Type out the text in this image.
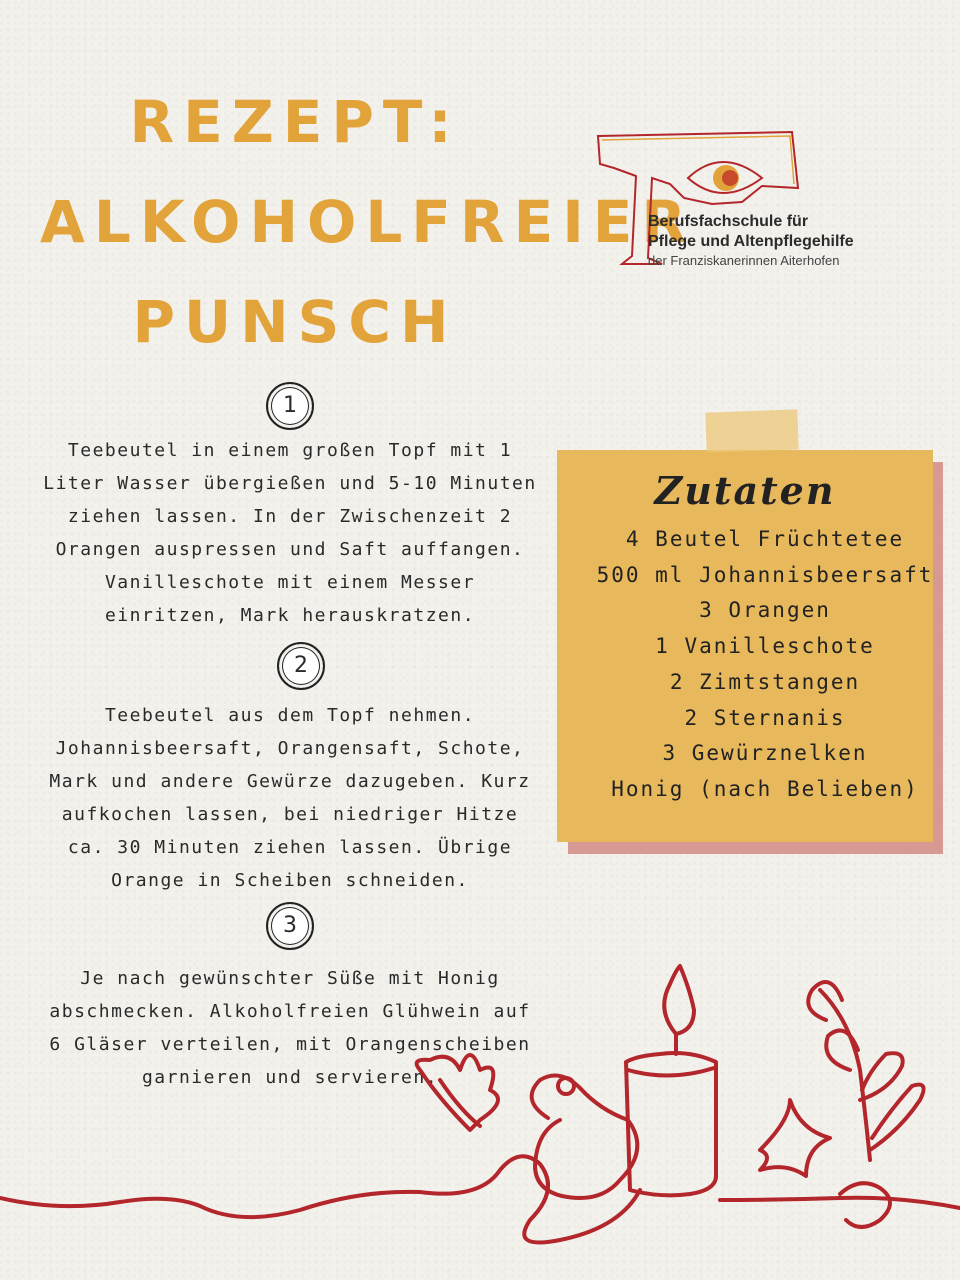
REZEPT:
ALKOHOLFREIER
PUNSCH
Berufsfachschule für
Pflege und Altenpflegehilfe
der Franziskanerinnen Aiterhofen
1

Teebeutel in einem großen Topf mit 1 Liter Wasser übergießen und 5-10 Minuten ziehen lassen. In der Zwischenzeit 2 Orangen auspressen und Saft auffangen. Vanilleschote mit einem Messer einritzen, Mark herauskratzen.

2

Teebeutel aus dem Topf nehmen. Johannisbeersaft, Orangensaft, Schote, Mark und andere Gewürze dazugeben. Kurz aufkochen lassen, bei niedriger Hitze ca. 30 Minuten ziehen lassen. Übrige Orange in Scheiben schneiden.

3

Je nach gewünschter Süße mit Honig abschmecken. Alkoholfreien Glühwein auf 6 Gläser verteilen, mit Orangenscheiben garnieren und servieren.

Zutaten
4 Beutel Früchtetee
500 ml Johannisbeersaft
3 Orangen
1 Vanilleschote
2 Zimtstangen
2 Sternanis
3 Gewürznelken
Honig (nach Belieben)
